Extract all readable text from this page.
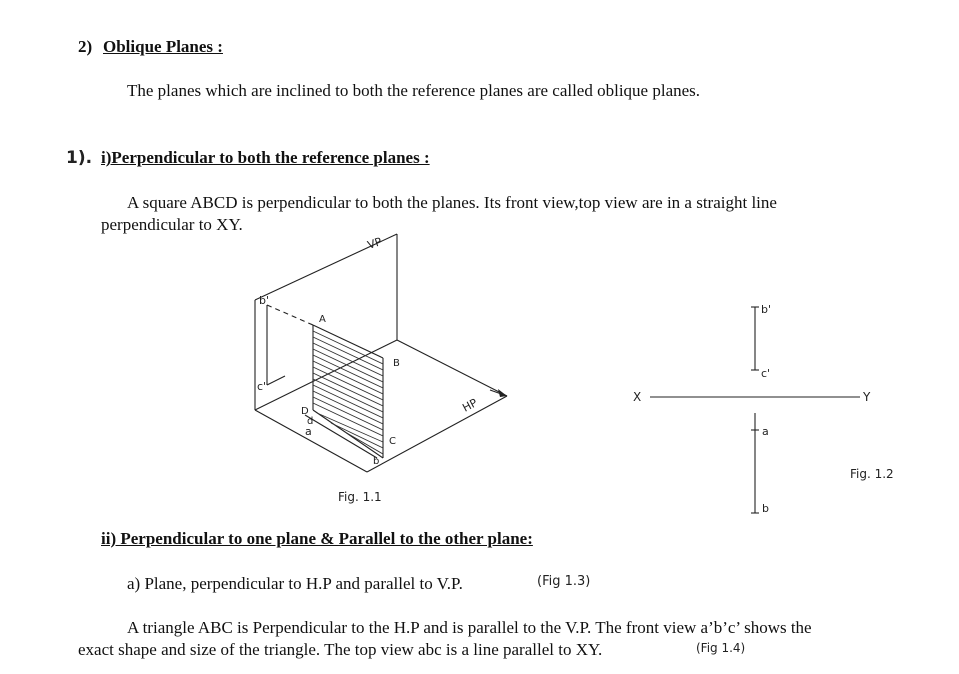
2) Oblique Planes :
The planes which are inclined to both the reference planes are called oblique planes.
1). i)Perpendicular to both the reference planes :
A square ABCD is perpendicular to both the planes. Its front view,top view are in a straight line
perpendicular to XY.
VP
HP
A
B
C
D
b'
c'
a
b
d
Fig. 1.1
X	Y
b'
c'
a
b
Fig. 1.2
ii) Perpendicular to one plane & Parallel to the other plane:
a) Plane, perpendicular to H.P and parallel to V.P.	(Fig 1.3)
A triangle ABC is Perpendicular to the H.P and is parallel to the V.P. The front view a’b’c’ shows the
exact shape and size of the triangle. The top view abc is a line parallel to XY.	(Fig 1.4)
